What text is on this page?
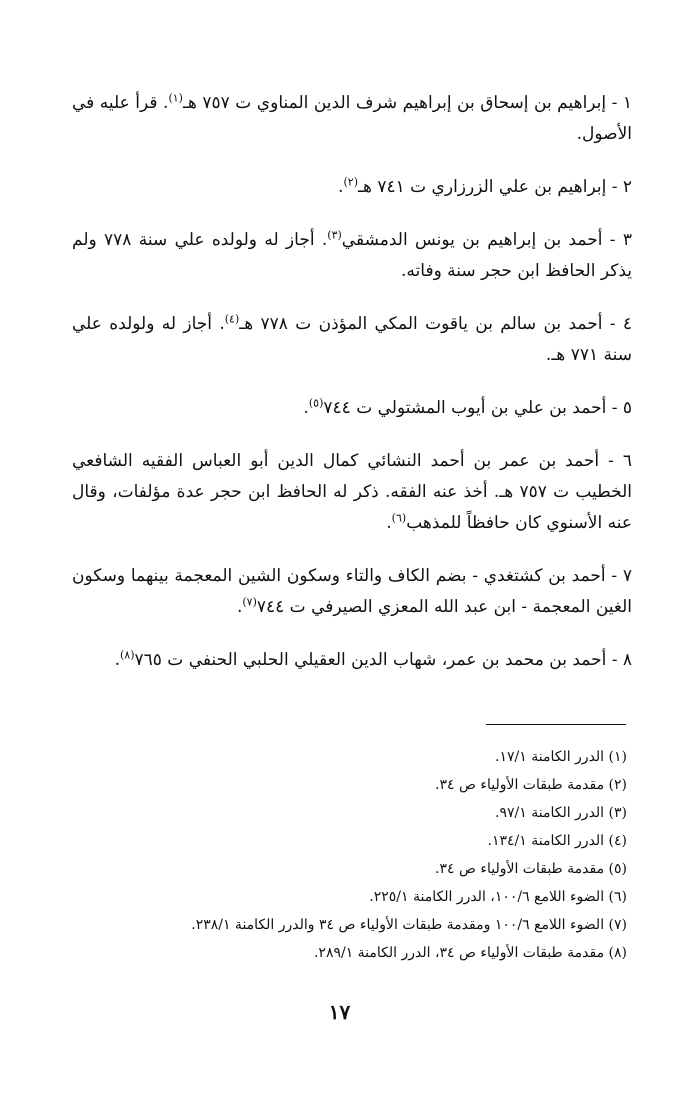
١ - إبراهيم بن إسحاق بن إبراهيم شرف الدين المناوي ت ٧٥٧ هـ$^{(١)}$. قرأ عليه في الأصول.
٢ - إبراهيم بن علي الزرزاري ت ٧٤١ هـ$^{(٢)}$.
٣ - أحمد بن إبراهيم بن يونس الدمشقي$^{(٣)}$. أجاز له ولولده علي سنة ٧٧٨ ولم يذكر الحافظ ابن حجر سنة وفاته.
٤ - أحمد بن سالم بن ياقوت المكي المؤذن ت ٧٧٨ هـ$^{(٤)}$. أجاز له ولولده علي سنة ٧٧١ هـ.
٥ - أحمد بن علي بن أيوب المشتولي ت ٧٤٤$^{(٥)}$.
٦ - أحمد بن عمر بن أحمد النشائي كمال الدين أبو العباس الفقيه الشافعي الخطيب ت ٧٥٧ هـ. أخذ عنه الفقه. ذكر له الحافظ ابن حجر عدة مؤلفات، وقال عنه الأسنوي كان حافظاً للمذهب$^{(٦)}$.
٧ - أحمد بن كشتغدي - بضم الكاف والتاء وسكون الشين المعجمة بينهما وسكون الغين المعجمة - ابن عبد الله المعزي الصيرفي ت ٧٤٤$^{(٧)}$.
٨ - أحمد بن محمد بن عمر، شهاب الدين العقيلي الحلبي الحنفي ت ٧٦٥$^{(٨)}$.
(١) الدرر الكامنة ١٧/١.
(٢) مقدمة طبقات الأولياء ص ٣٤.
(٣) الدرر الكامنة ٩٧/١.
(٤) الدرر الكامنة ١٣٤/١.
(٥) مقدمة طبقات الأولياء ص ٣٤.
(٦) الضوء اللامع ١٠٠/٦، الدرر الكامنة ٢٢٥/١.
(٧) الضوء اللامع ١٠٠/٦ ومقدمة طبقات الأولياء ص ٣٤ والدرر الكامنة ٢٣٨/١.
(٨) مقدمة طبقات الأولياء ص ٣٤، الدرر الكامنة ٢٨٩/١.
١٧
